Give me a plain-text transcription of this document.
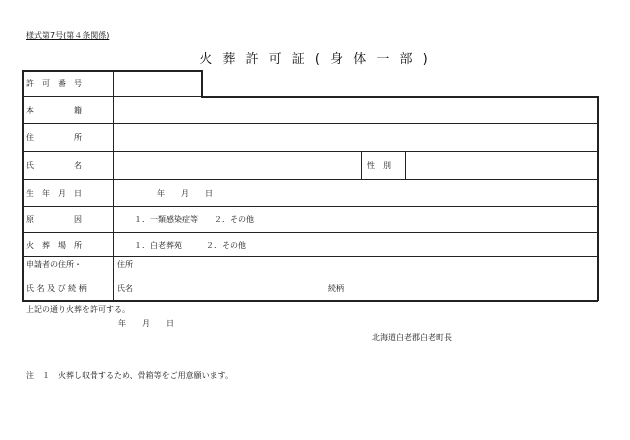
様式第7号(第４条関係)
火 葬 許 可 証 ( 身 体 一 部 )
許　可　番　号
本　　　　　籍
住　　　　　所
氏　　　　　名	性　別
生　年　月　日	年　　月　　日
原　　　　　因	１．一類感染症等　　２．その他
火　葬　場　所	１．白老葬苑　　　２．その他
申請者の住所・
氏 名 及 び 続 柄
住所
氏名	続柄
上記の通り火葬を許可する。
年　　月　　日
北海道白老郡白老町長
注　１　火葬し収骨するため、骨箱等をご用意願います。
